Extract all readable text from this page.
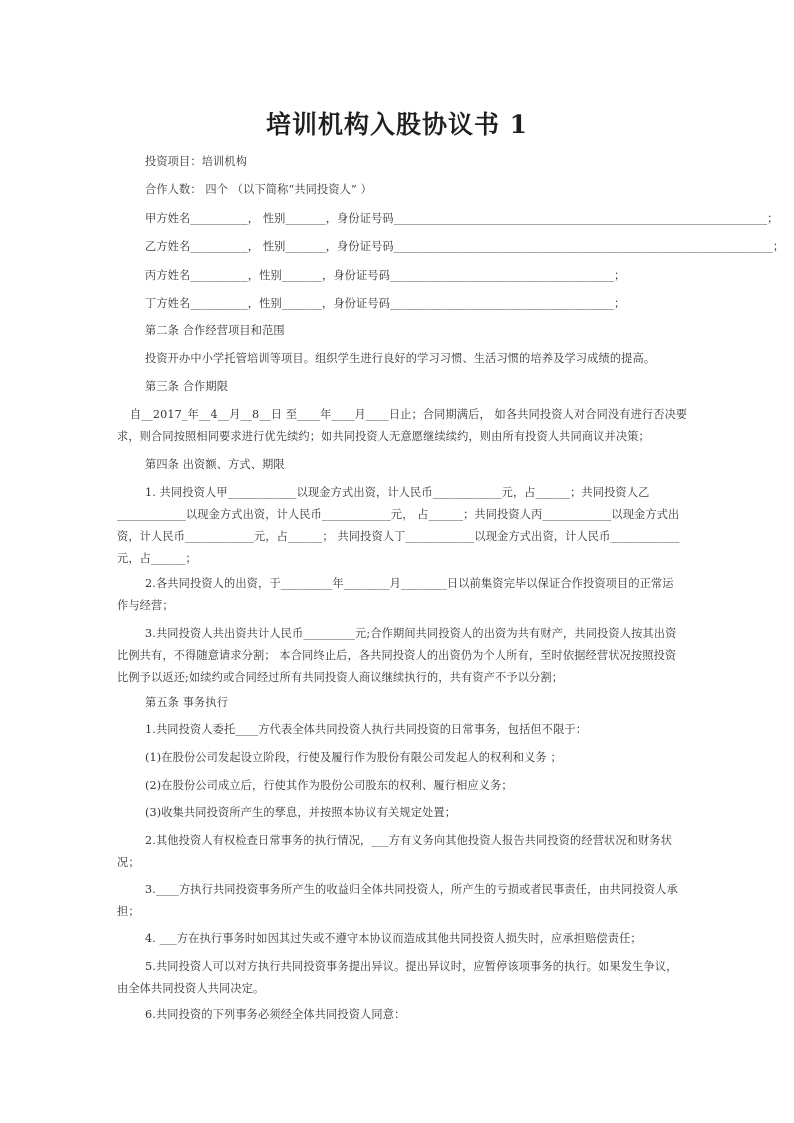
培训机构入股协议书 1
投资项目：培训机构
合作人数： 四个 （以下简称“共同投资人” ）
甲方姓名__________， 性别_______，身份证号码_________________________________________________________________；
乙方姓名__________， 性别_______，身份证号码__________________________________________________________________；
丙方姓名__________，性别_______，身份证号码_______________________________________；
丁方姓名__________，性别_______，身份证号码_______________________________________；
第二条 合作经营项目和范围
投资开办中小学托管培训等项目。组织学生进行良好的学习习惯、生活习惯的培养及学习成绩的提高。
第三条 合作期限
自__2017_年__4__月__8__日 至____年____月____日止；合同期满后， 如各共同投资人对合同没有进行否决要
求，则合同按照相同要求进行优先续约；如共同投资人无意愿继续续约，则由所有投资人共同商议并决策；
第四条 出资额、方式、期限
1. 共同投资人甲____________以现金方式出资，计人民币____________元，占______；共同投资人乙
____________以现金方式出资，计人民币____________元， 占______；共同投资人丙____________以现金方式出
资，计人民币____________元，占______； 共同投资人丁____________以现金方式出资，计人民币____________
元，占______；
2.各共同投资人的出资，于_________年________月________日以前集资完毕以保证合作投资项目的正常运
作与经营；
3.共同投资人共出资共计人民币_________元;合作期间共同投资人的出资为共有财产，共同投资人按其出资
比例共有，不得随意请求分割； 本合同终止后，各共同投资人的出资仍为个人所有，至时依据经营状况按照投资
比例予以返还;如续约或合同经过所有共同投资人商议继续执行的，共有资产不予以分割；
第五条 事务执行
1.共同投资人委托____方代表全体共同投资人执行共同投资的日常事务，包括但不限于：
(1)在股份公司发起设立阶段，行使及履行作为股份有限公司发起人的权利和义务 ；
(2)在股份公司成立后，行使其作为股份公司股东的权利、履行相应义务；
(3)收集共同投资所产生的孳息，并按照本协议有关规定处置；
2.其他投资人有权检查日常事务的执行情况，___方有义务向其他投资人报告共同投资的经营状况和财务状
况；
3.____方执行共同投资事务所产生的收益归全体共同投资人，所产生的亏损或者民事责任，由共同投资人承
担；
4. ___方在执行事务时如因其过失或不遵守本协议而造成其他共同投资人损失时，应承担赔偿责任；
5.共同投资人可以对方执行共同投资事务提出异议。提出异议时，应暂停该项事务的执行。如果发生争议，
由全体共同投资人共同决定。
6.共同投资的下列事务必须经全体共同投资人同意：
